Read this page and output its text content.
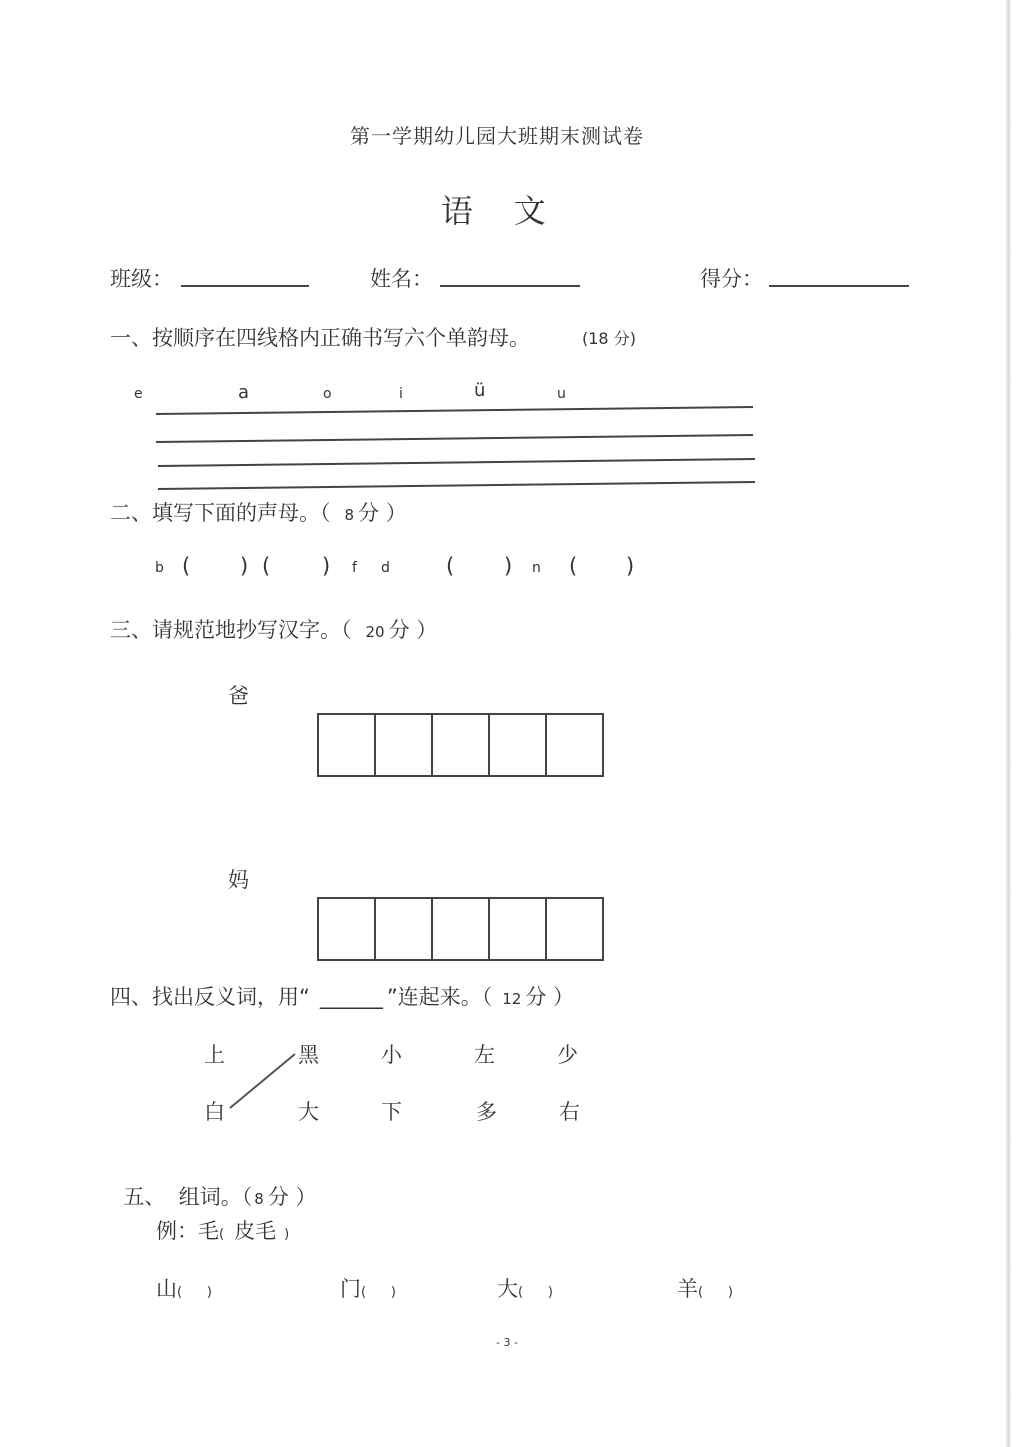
第一学期幼儿园大班期末测试卷
语    文
班级：	姓名：	得分：
一、按顺序在四线格内正确书写六个单韵母。	(18 分)
e	a	o	i	ü	u
二、填写下面的声母。（ 8 分 ）
b ( ) ( ) f d	( ) n ( )
三、请规范地抄写汉字。（ 20 分 ）
爸
妈
四、找出反义词，用“ ______ ”连起来。（ 12 分 ）
上	黑	小	左	少
白	大	下	多	右

五、  组词。（ 8 分 ）

例：毛( 皮毛 )
山(      )	门(      )	大(      )	羊(      )
- 3 -
